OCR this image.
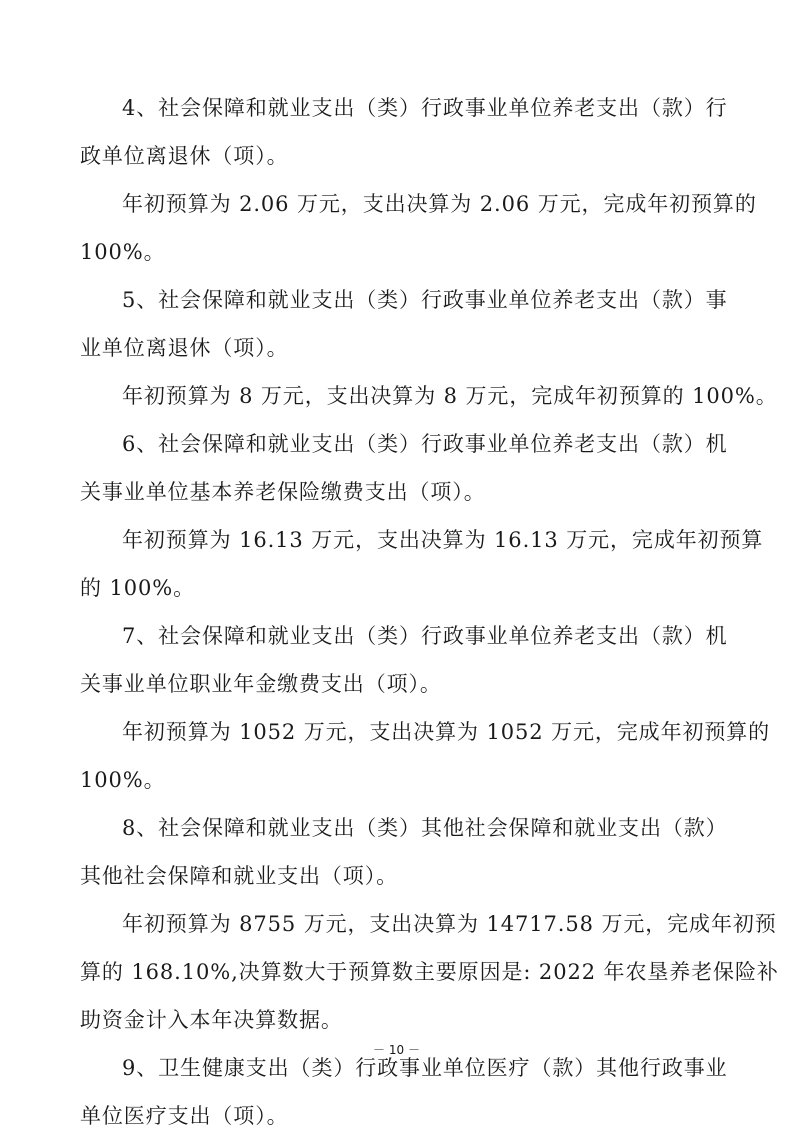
4、社会保障和就业支出（类）行政事业单位养老支出（款）行

政单位离退休（项）。

年初预算为 2.06 万元，支出决算为 2.06 万元，完成年初预算的

100%。

5、社会保障和就业支出（类）行政事业单位养老支出（款）事

业单位离退休（项）。

年初预算为 8 万元，支出决算为 8 万元，完成年初预算的 100%。

6、社会保障和就业支出（类）行政事业单位养老支出（款）机

关事业单位基本养老保险缴费支出（项）。

年初预算为 16.13 万元，支出决算为 16.13 万元，完成年初预算

的 100%。

7、社会保障和就业支出（类）行政事业单位养老支出（款）机

关事业单位职业年金缴费支出（项）。

年初预算为 1052 万元，支出决算为 1052 万元，完成年初预算的

100%。

8、社会保障和就业支出（类）其他社会保障和就业支出（款）

其他社会保障和就业支出（项）。

年初预算为 8755 万元，支出决算为 14717.58 万元，完成年初预

算的 168.10%,决算数大于预算数主要原因是: 2022 年农垦养老保险补

助资金计入本年决算数据。

9、卫生健康支出（类）行政事业单位医疗（款）其他行政事业

单位医疗支出（项）。

－ 10 －
